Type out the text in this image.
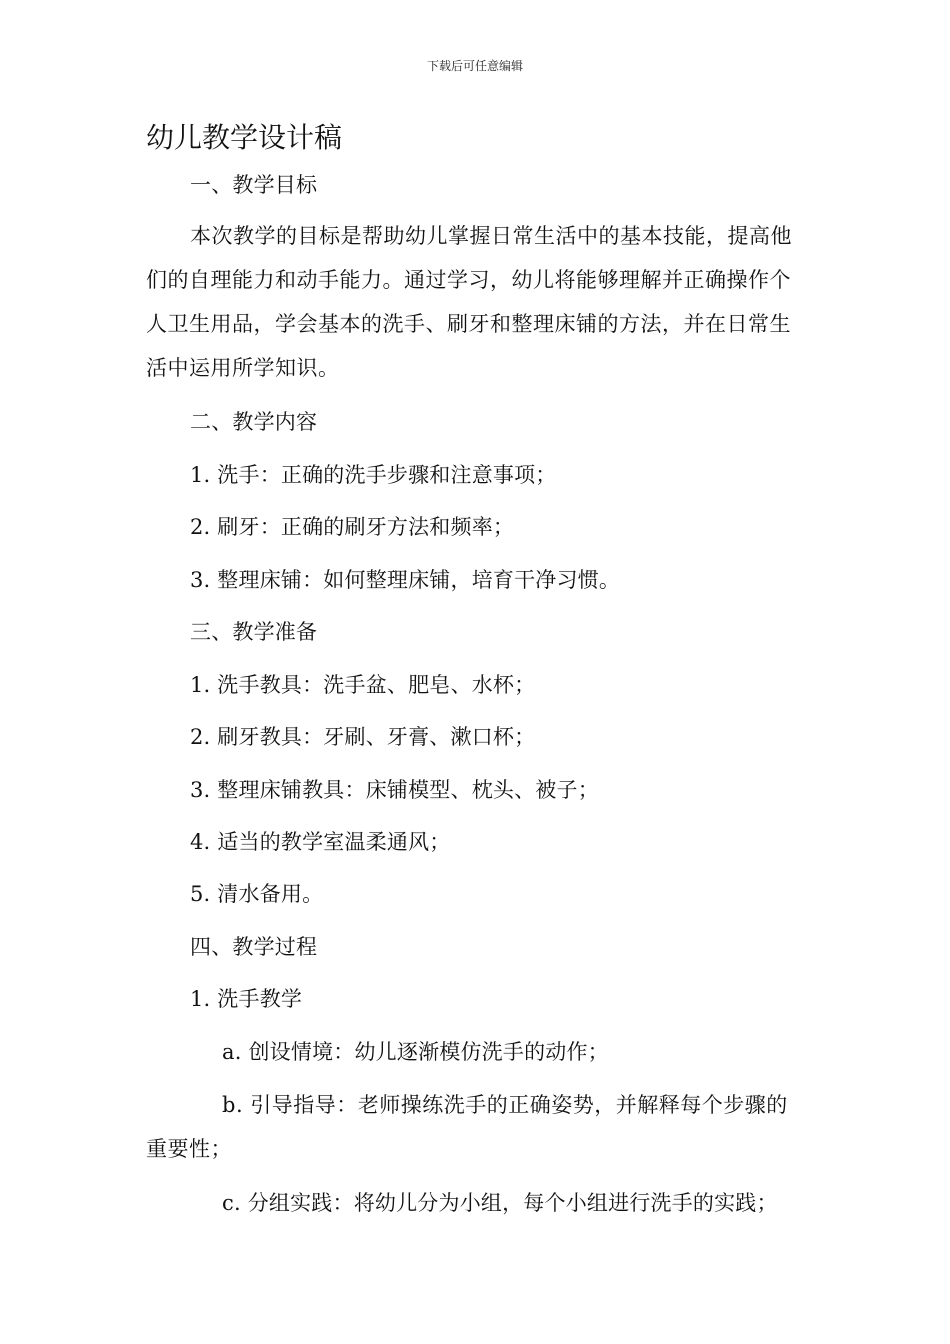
下载后可任意编辑
幼儿教学设计稿
一、教学目标

本次教学的目标是帮助幼儿掌握日常生活中的基本技能，提高他们的自理能力和动手能力。通过学习，幼儿将能够理解并正确操作个人卫生用品，学会基本的洗手、刷牙和整理床铺的方法，并在日常生活中运用所学知识。

二、教学内容
1. 洗手：正确的洗手步骤和注意事项；
2. 刷牙：正确的刷牙方法和频率；
3. 整理床铺：如何整理床铺，培育干净习惯。
三、教学准备
1. 洗手教具：洗手盆、肥皂、水杯；
2. 刷牙教具：牙刷、牙膏、漱口杯；
3. 整理床铺教具：床铺模型、枕头、被子；
4. 适当的教学室温柔通风；
5. 清水备用。
四、教学过程
1. 洗手教学
a. 创设情境：幼儿逐渐模仿洗手的动作；

b. 引导指导：老师操练洗手的正确姿势，并解释每个步骤的重要性；

c. 分组实践：将幼儿分为小组，每个小组进行洗手的实践；
